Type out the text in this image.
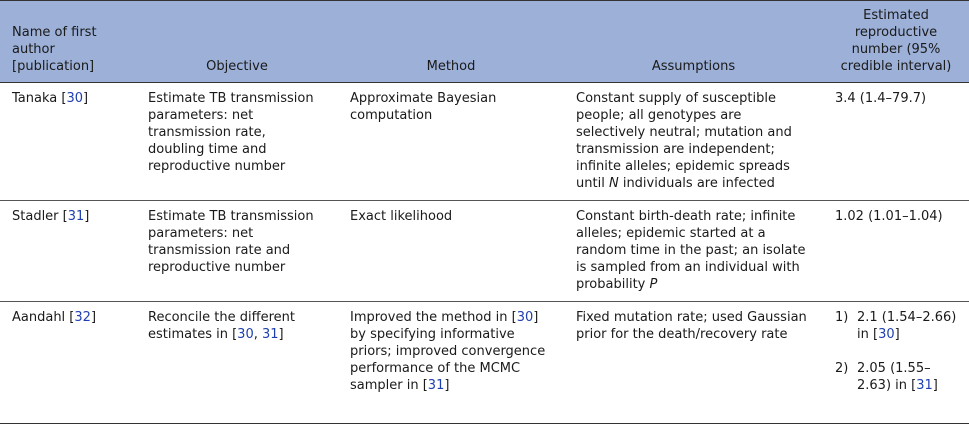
Name of first author [publication]	Objective	Method	Assumptions	Estimated reproductive number (95% credible interval)
Tanaka [30]	Estimate TB transmission parameters: net transmission rate, doubling time and reproductive number	Approximate Bayesian computation	Constant supply of susceptible people; all genotypes are selectively neutral; mutation and transmission are independent; infinite alleles; epidemic spreads until N individuals are infected	3.4 (1.4–79.7)
Stadler [31]	Estimate TB transmission parameters: net transmission rate and reproductive number	Exact likelihood	Constant birth-death rate; infinite alleles; epidemic started at a random time in the past; an isolate is sampled from an individual with probability P	1.02 (1.01–1.04)
Aandahl [32]	Reconcile the different estimates in [30, 31]	Improved the method in [30] by specifying informative priors; improved convergence performance of the MCMC sampler in [31]	Fixed mutation rate; used Gaussian prior for the death/recovery rate	1) 2.1 (1.54–2.66) in [30]
2) 2.05 (1.55–2.63) in [31]
